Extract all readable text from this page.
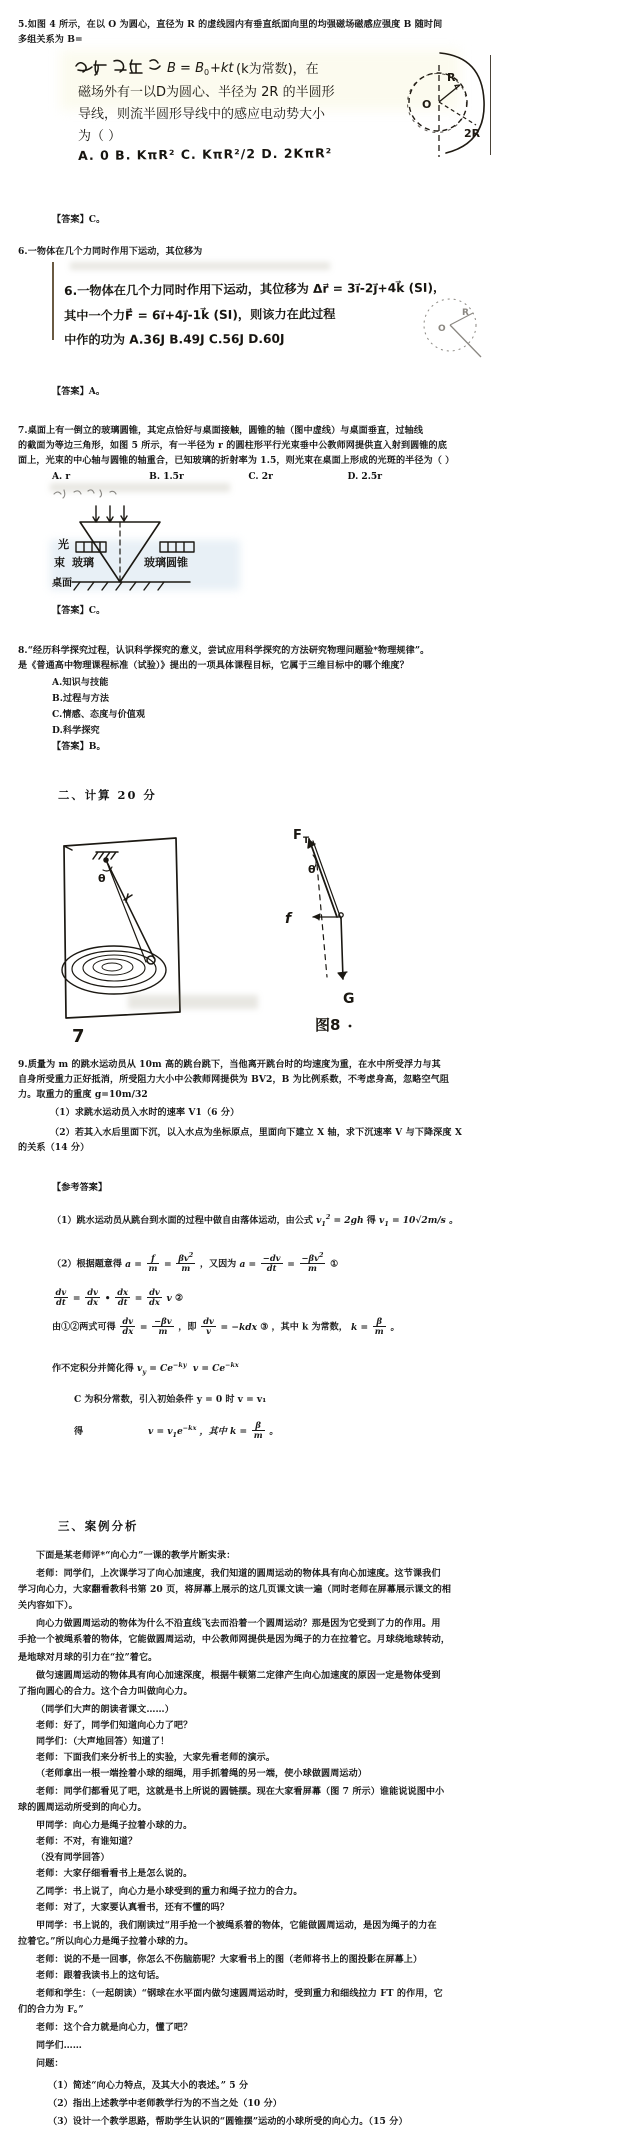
5.如图 4 所示，在以 O 为圆心，直径为 R 的虚线园内有垂直纸面向里的均强磁场磁感应强度 B 随时间
多组关系为 B=
B = B 0 +kt (k为常数)，在
磁场外有一以D为圆心、半径为 2R 的半圆形
导线，则流半圆形导线中的感应电动势大小
为（ ）
A. 0 B. KπR² C. KπR²/2 D. 2KπR²
R
O
2R
【答案】C。
6.一物体在几个力同时作用下运动，其位移为
6.一物体在几个力同时作用下运动，其位移为 Δr⃗ = 3i⃗-2j⃗+4k⃗ (SI)，
其中一个力F⃗ = 6i⃗+4j⃗-1k⃗ (SI)，则该力在此过程
中作的功为 A.36J B.49J C.56J D.60J
R
O
【答案】A。
7.桌面上有一倒立的玻璃圆锥，其定点恰好与桌面接触，圆锥的轴（图中虚线）与桌面垂直，过轴线
的截面为等边三角形，如图 5 所示，有一半径为 r 的圆柱形平行光束垂中公教师网提供直入射到圆锥的底
面上，光束的中心轴与圆锥的轴重合，已知玻璃的折射率为 1.5，则光束在桌面上形成的光斑的半径为（ ）
A. r	B. 1.5r	C. 2r	D. 2.5r
光
束 玻璃	玻璃圆锥
桌面
【答案】C。
8.“经历科学探究过程，认识科学探究的意义，尝试应用科学探究的方法研究物理问题验*物理规律”。
是《普通高中物理课程标准（试验）》提出的一项具体课程目标，它属于三维目标中的哪个维度？
A.知识与技能
B.过程与方法
C.情感、态度与价值观
D.科学探究
【答案】B。
二、计算 20 分
θ
7
θ
F T
f
G
图8
9.质量为 m 的跳水运动员从 10m 高的跳台跳下，当他离开跳台时的均速度为重，在水中所受浮力与其
自身所受重力正好抵消，所受阻力大小中公教师网提供为 BV2，B 为比例系数，不考虑身高，忽略空气阻
力。取重力的重度 g=10m/32
（1）求跳水运动员入水时的速率 V1（6 分）
（2）若其入水后里面下沉，以入水点为坐标原点，里面向下建立 X 轴，求下沉速率 V 与下降深度 X
的关系（14 分）
【参考答案】
（1）跳水运动员从跳台到水面的过程中做自由落体运动，由公式 $v_1^2 = 2gh$ 得 $v_1 = 10√2m/s$ 。
（2）根据题意得 $a = \frac{f}{m} = \frac{\beta v^2}{m}$ ，又因为 $a = \frac{-dv}{dt} = \frac{-\beta v^2}{m}$ ①
$\frac{dv}{dt} = \frac{dv}{dx}$ • $\frac{dx}{dt} = \frac{dv}{dx}$ v ②
由①②两式可得 $\frac{dv}{dx} = \frac{-\beta v}{m}$ ，即 $\frac{dv}{v} = -kdx$ ③ ，其中 k 为常数， $k = \frac{\beta}{m}$ 。
作不定积分并简化得 $v_y = Ce^{-ky}$  $v = Ce^{-kx}$
C 为积分常数，引入初始条件 y = 0 时 v = v₁
得	$v = v_1e^{-kx}$ ，其中 $k = \frac{\beta}{m}$ 。
三、案例分析
下面是某老师评*“向心力”一课的教学片断实录：
老师：同学们，上次课学习了向心加速度，我们知道的圆周运动的物体具有向心加速度。这节课我们
学习向心力，大家翻看教科书第 20 页，将屏幕上展示的这几页课文读一遍（同时老师在屏幕展示课文的相
关内容如下）。
向心力做圆周运动的物体为什么不沿直线飞去而沿着一个圆周运动？那是因为它受到了力的作用。用
手抢一个被绳系着的物体，它能做圆周运动，中公教师网提供是因为绳子的力在拉着它。月球绕地球转动，
是地球对月球的引力在“拉”着它。
做匀速圆周运动的物体具有向心加速深度，根据牛顿第二定律产生向心加速度的原因一定是物体受到
了指向圆心的合力。这个合力叫做向心力。
（同学们大声的朗读者课文……）
老师：好了，同学们知道向心力了吧？
同学们：（大声地回答）知道了！
老师：下面我们来分析书上的实验，大家先看老师的演示。
（老师拿出一根一端拴着小球的细绳，用手抓着绳的另一端，使小球做圆周运动）
老师：同学们都看见了吧，这就是书上所说的圆链摆。现在大家看屏幕（图 7 所示）谁能说说图中小
球的圆周运动所受到的向心力。
甲同学：向心力是绳子拉着小球的力。
老师：不对，有谁知道？
（没有同学回答）
老师：大家仔细看看书上是怎么说的。
乙同学：书上说了，向心力是小球受到的重力和绳子拉力的合力。
老师：对了，大家要认真看书，还有不懂的吗？
甲同学：书上说的，我们刚读过“用手抢一个被绳系着的物体，它能做圆周运动，是因为绳子的力在
拉着它。”所以向心力是绳子拉着小球的力。
老师：说的不是一回事，你怎么不伤脑筋呢？大家看书上的图（老师将书上的图投影在屏幕上）
老师：跟着我读书上的这句话。
老师和学生：（一起朗读）“钢球在水平面内做匀速圆周运动时，受到重力和细线拉力 FT 的作用，它
们的合力为 F。”
老师：这个合力就是向心力，懂了吧？
同学们……
问题：
（1）简述“向心力特点，及其大小的表述。” 5 分
（2）指出上述教学中老师教学行为的不当之处（10 分）
（3）设计一个教学思路，帮助学生认识的“圆锥摆”运动的小球所受的向心力。（15 分）
